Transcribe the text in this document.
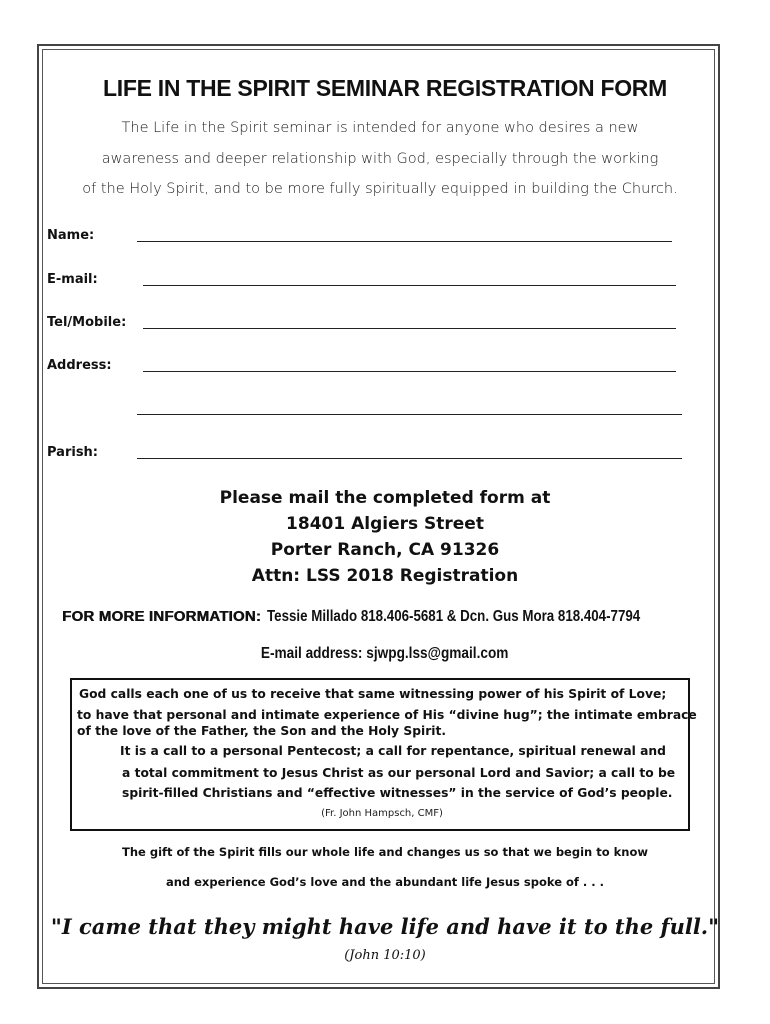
LIFE IN THE SPIRIT SEMINAR REGISTRATION FORM
The Life in the Spirit seminar is intended for anyone who desires a new
awareness and deeper relationship with God, especially through the working
of the Holy Spirit, and to be more fully spiritually equipped in building the Church.
Name:
E-mail:
Tel/Mobile:
Address:
Parish:

Please mail the completed form at

18401 Algiers Street

Porter Ranch, CA 91326

Attn: LSS 2018 Registration

FOR MORE INFORMATION: Tessie Millado 818.406-5681 & Dcn. Gus Mora 818.404-7794
E-mail address: sjwpg.lss@gmail.com
God calls each one of us to receive that same witnessing power of his Spirit of Love;
to have that personal and intimate experience of His “divine hug”; the intimate embrace
of the love of the Father, the Son and the Holy Spirit.
It is a call to a personal Pentecost; a call for repentance, spiritual renewal and
a total commitment to Jesus Christ as our personal Lord and Savior; a call to be
spirit-filled Christians and “effective witnesses” in the service of God’s people.
(Fr. John Hampsch, CMF)
The gift of the Spirit fills our whole life and changes us so that we begin to know
and experience God’s love and the abundant life Jesus spoke of . . .
"I came that they might have life and have it to the full."
(John 10:10)
